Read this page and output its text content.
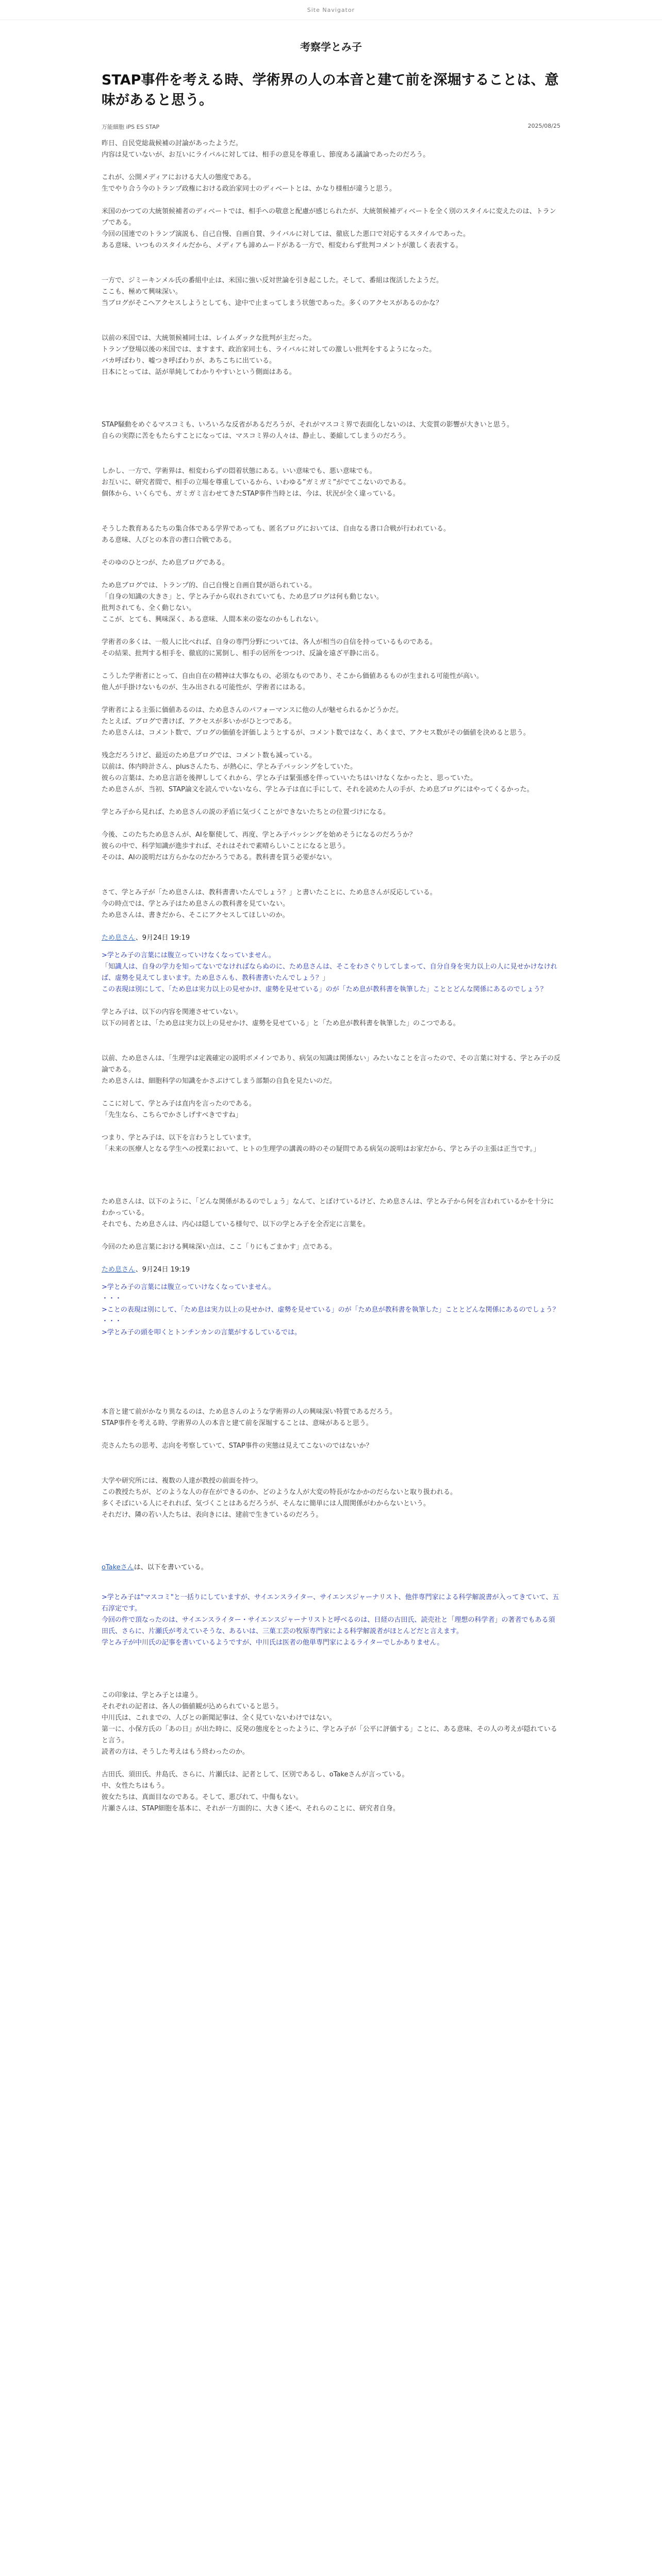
Site Navigator
考察学とみ子
STAP事件を考える時、学術界の人の本音と建て前を深堀することは、意味があると思う。
万能細胞 iPS ES STAP	2025/08/25

昨日、自民党総裁候補の討論があったようだ。
内容は見ていないが、お互いにライバルに対しては、相手の意見を尊重し、節度ある議論であったのだろう。

これが、公開メディアにおける大人の態度である。
生でやり合う今のトランプ政権における政治家同士のディベートとは、かなり様相が違うと思う。

米国のかつての大統領候補者のディベートでは、相手への敬意と配慮が感じられたが、大統領候補ディベートを全く別のスタイルに変えたのは、トランプである。
今回の国連でのトランプ演説も、自己自慢、自画自賛、ライバルに対しては、徹底した悪口で対応するスタイルであった。
ある意味、いつものスタイルだから、メディアも諦めムードがある一方で、相変わらず批判コメントが激しく表表する。

一方で、ジミーキンメル氏の番組中止は、米国に強い反対世論を引き起こした。そして、番組は復活したようだ。
ここも、極めて興味深い。
当ブログがそこへアクセスしようとしても、途中で止まってしまう状態であった。多くのアクセスがあるのかな？

以前の米国では、大統領候補同士は、レイムダックな批判が主だった。
トランプ登場以後の米国では、ますます、政治家同士も、ライバルに対しての激しい批判をするようになった。
バカ呼ばわり、嘘つき呼ばわりが、あちこちに出ている。
日本にとっては、話が単純してわかりやすいという側面はある。

STAP騒動をめぐるマスコミも、いろいろな反省があるだろうが、それがマスコミ界で表面化しないのは、大変質の影響が大きいと思う。
自らの実際に苦をもたらすことになっては、マスコミ界の人々は、静止し、萎縮してしまうのだろう。

しかし、一方で、学術界は、相変わらずの悶着状態にある。いい意味でも、悪い意味でも。
お互いに、研究者間で、相手の立場を尊重しているから、いわゆる”ガミガミ”がでてこないのである。
個体から、いくらでも、ガミガミ言わせてきたSTAP事件当時とは、今は、状況が全く違っている。

そうした教育あるたちの集合体である学界であっても、匿名ブログにおいては、自由なる書口合戦が行われている。
ある意味、人びとの本音の書口合戦である。

そのゆのひとつが、ため息ブログである。

ため息ブログでは、トランプ的、自己自慢と自画自賛が語られている。
「自身の知識の大きさ」と、学とみ子から収れされていても、ため息ブログは何も動じない。
批判されても、全く動じない。
ここが、とても、興味深く、ある意味、人間本来の姿なのかもしれない。

学術者の多くは、一般人に比べれば、自身の専門分野については、各人が相当の自信を持っているものである。
その結果、批判する相手を、徹底的に罵倒し、相手の居所をつつけ、反論を遠ざ平静に出る。

こうした学術者にとって、自由自在の精神は大事なもの、必須なものであり、そこから価値あるものが生まれる可能性が高い。
他人が手掛けないものが、生み出される可能性が、学術者にはある。

学術者による主張に価値あるのは、ため息さんのパフォーマンスに他の人が魅せられるかどうかだ。
たとえば、ブログで書けば、アクセスが多いかがひとつである。
ため息さんは、コメント数で、ブログの価値を評価しようとするが、コメント数ではなく、あくまで、アクセス数がその価値を決めると思う。

残念だろうけど、最近のため息ブログでは、コメント数も減っている。
以前は、体内時計さん、plusさんたち、が熱心に、学とみ子バッシングをしていた。
彼らの言葉は、ため息言語を後押ししてくれから、学とみ子は緊張感を伴っていいたちはいけなくなかったと、思っていた。
ため息さんが、当初、STAP論文を読んでいないなら、学とみ子は直に手にして、それを読めた人の手が、ため息ブログにはやってくるかった。

学とみ子から見れば、ため息さんの説の矛盾に気づくことができないたちとの位置づけになる。

今後、このたちため息さんが、AIを駆使して、再度、学とみ子バッシングを始めそうになるのだろうか？
彼らの中で、科学知識が進歩すれば、それはそれで素晴らしいことになると思う。
そのは、AIの説明だは方らかなのだかろうである。教科書を買う必要がない。

さて、学とみ子が「ため息さんは、教科書書いたんでしょう？」と書いたことに、ため息さんが反応している。
今の時点では、学とみ子はため息さんの教科書を見ていない。
ため息さんは、書きだから、そこにアクセスしてほしいのか。

ため息さん、9月24日 19:19

>学とみ子の言葉には腹立っていけなくなっていません。
「知識人は、自身の学力を知ってないでなければならぬのに、ため息さんは、そこをわさぐりしてしまって、自分自身を実力以上の人に見せかけなければ、虚勢を見えてしまいます。ため息さんも、教科書書いたんでしょう？」
この表現は別にして、「ため息は実力以上の見せかけ、虚勢を見せている」のが「ため息が教科書を執筆した」こととどんな関係にあるのでしょう？

学とみ子は、以下の内容を関連させていない。
以下の同者とは、「ため息は実力以上の見せかけ、虚勢を見せている」と「ため息が教科書を執筆した」のこつである。

以前、ため息さんは、「生理学は定義確定の説明ボメインであり、病気の知識は関係ない」みたいなことを言ったので、その言葉に対する、学とみ子の反論である。
ため息さんは、細胞科学の知識をかさぶけてしまう部類の自負を見たいのだ。

ここに対して、学とみ子は直内を言ったのである。
「先生なら、こちらでかさしげすべきですね」

つまり、学とみ子は、以下を言わうとしています。
「未来の医療人となる学生への授業において、ヒトの生理学の講義の時のその疑問である病気の説明はお家だから、学とみ子の主張は正当です。」

ため息さんは、以下のように、「どんな関係があるのでしょう」なんて、とぼけているけど、ため息さんは、学とみ子から何を言われているかを十分にわかっている。
それでも、ため息さんは、内心は隠している様句で、以下の学とみ子を全否定に言葉を。

今回のため息言葉における興味深い点は、ここ「りにもごまかす」点である。

ため息さん、9月24日 19:19

>学とみ子の言葉には腹立っていけなくなっていません。
・・・
>ことの表現は別にして、「ため息は実力以上の見せかけ、虚勢を見せている」のが「ため息が教科書を執筆した」こととどんな関係にあるのでしょう？
・・・
>学とみ子の頭を叩くとトンチンカンの言葉がするしているでは。

本音と建て前がかなり異なるのは、ため息さんのような学術界の人の興味深い特質であるだろう。
STAP事件を考える時、学術界の人の本音と建て前を深堀することは、意味があると思う。

売さんたちの思考、志向を考察していて、STAP事件の実態は見えてこないのではないか？

大学や研究所には、複数の人達が教授の前面を持つ。
この教授たちが、どのような人の存在ができるのか、どのような人が大変の特長がなかかのだらないと取り扱われる。
多くそばにいる人にそれれば、気づくことはあるだろうが、そんなに簡単には人間関係がわからないという。
それだけ、隣の若い人たちは、表向きには、建前で生きているのだろう。

oTakeさんは、以下を書いている。

>学とみ子は"マスコミ"と一括りにしていますが、サイエンスライター、サイエンスジャーナリスト、他伴専門家による科学解説書が入ってきていて、五石淳定です。
今回の件で頂なったのは、サイエンスライター・サイエンスジャーナリストと呼べるのは、日経の古田氏、読売社と「理想の科学者」の著者でもある須田氏、さらに、片瀬氏が考えていそうな、あるいは、三菓工芸の牧原専門家による科学解説者がほとんどだと言えます。
学とみ子が中川氏の記事を書いているようですが、中川氏は医者の他単専門家によるライターでしかありません。

この印象は、学とみ子とは違う。
それぞれの記者は、各人の価値観が込められていると思う。
中川氏は、これまでの、人びとの新聞記事は、全く見ていないわけではない。
第一に、小保方氏の「あの日」が出た時に、反発の態度をとったように、学とみ子が「公平に評価する」ことに、ある意味、その人の考えが隠れていると言う。
読者の方は、そうした考えはもう終わったのか。

古田氏、須田氏、井島氏、さらに、片瀬氏は、記者として、区別であるし、oTakeさんが言っている。
中、女性たちはもう。
彼女たちは、真面目なのである。そして、悪びれて、中傷もない。
片瀬さんは、STAP細胞を基本に、それが一方面的に、大きく述べ、それらのことに、研究者自身。
